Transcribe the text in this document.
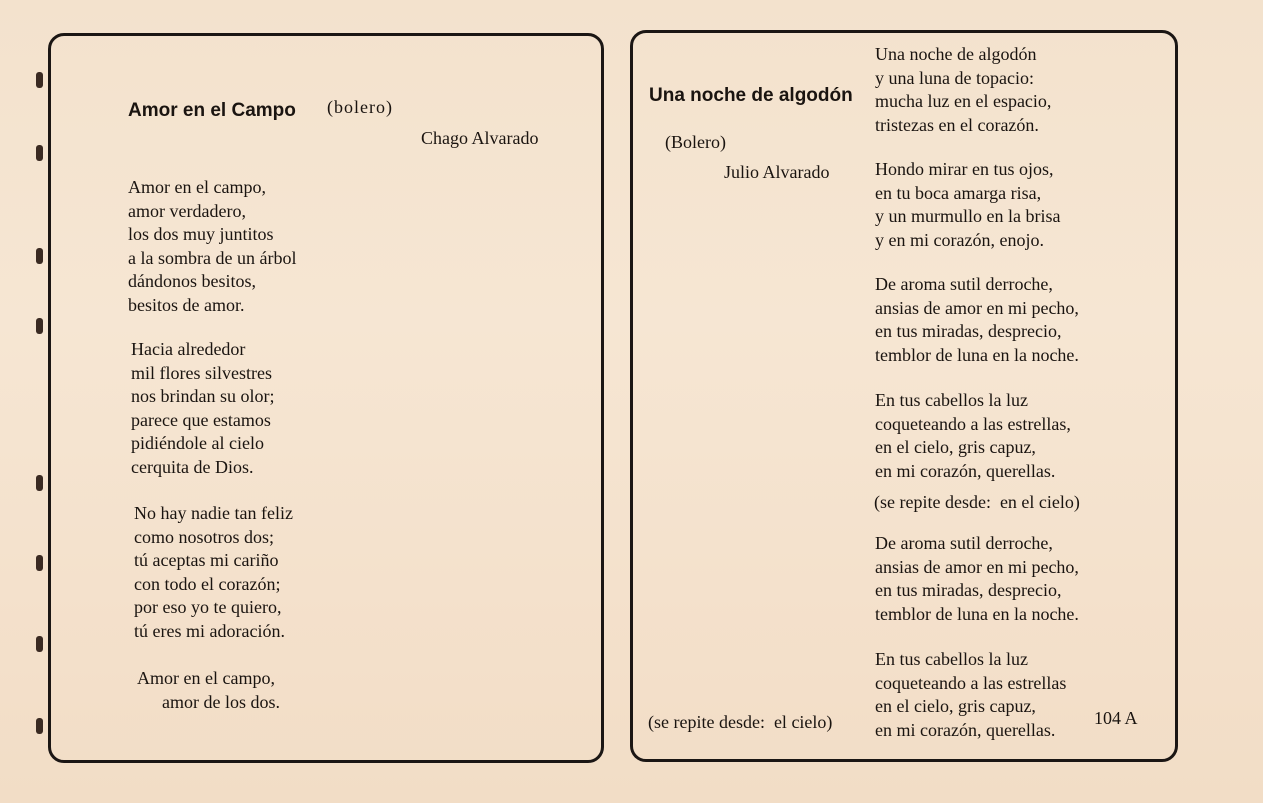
Amor en el Campo (bolero)
Chago Alvarado
Amor en el campo,
amor verdadero,
los dos muy juntitos
a la sombra de un árbol
dándonos besitos,
besitos de amor.
Hacia alrededor
mil flores silvestres
nos brindan su olor;
parece que estamos
pidiéndole al cielo
cerquita de Dios.
No hay nadie tan feliz
como nosotros dos;
tú aceptas mi cariño
con todo el corazón;
por eso yo te quiero,
tú eres mi adoración.
Amor en el campo,
amor de los dos.
Una noche de algodón
(Bolero)
Julio Alvarado
Una noche de algodón
y una luna de topacio:
mucha luz en el espacio,
tristezas en el corazón.
Hondo mirar en tus ojos,
en tu boca amarga risa,
y un murmullo en la brisa
y en mi corazón, enojo.
De aroma sutil derroche,
ansias de amor en mi pecho,
en tus miradas, desprecio,
temblor de luna en la noche.
En tus cabellos la luz
coqueteando a las estrellas,
en el cielo, gris capuz,
en mi corazón, querellas.
(se repite desde:  en el cielo)
De aroma sutil derroche,
ansias de amor en mi pecho,
en tus miradas, desprecio,
temblor de luna en la noche.
En tus cabellos la luz
coqueteando a las estrellas
en el cielo, gris capuz,
en mi corazón, querellas.
(se repite desde:  el cielo)	104 A
